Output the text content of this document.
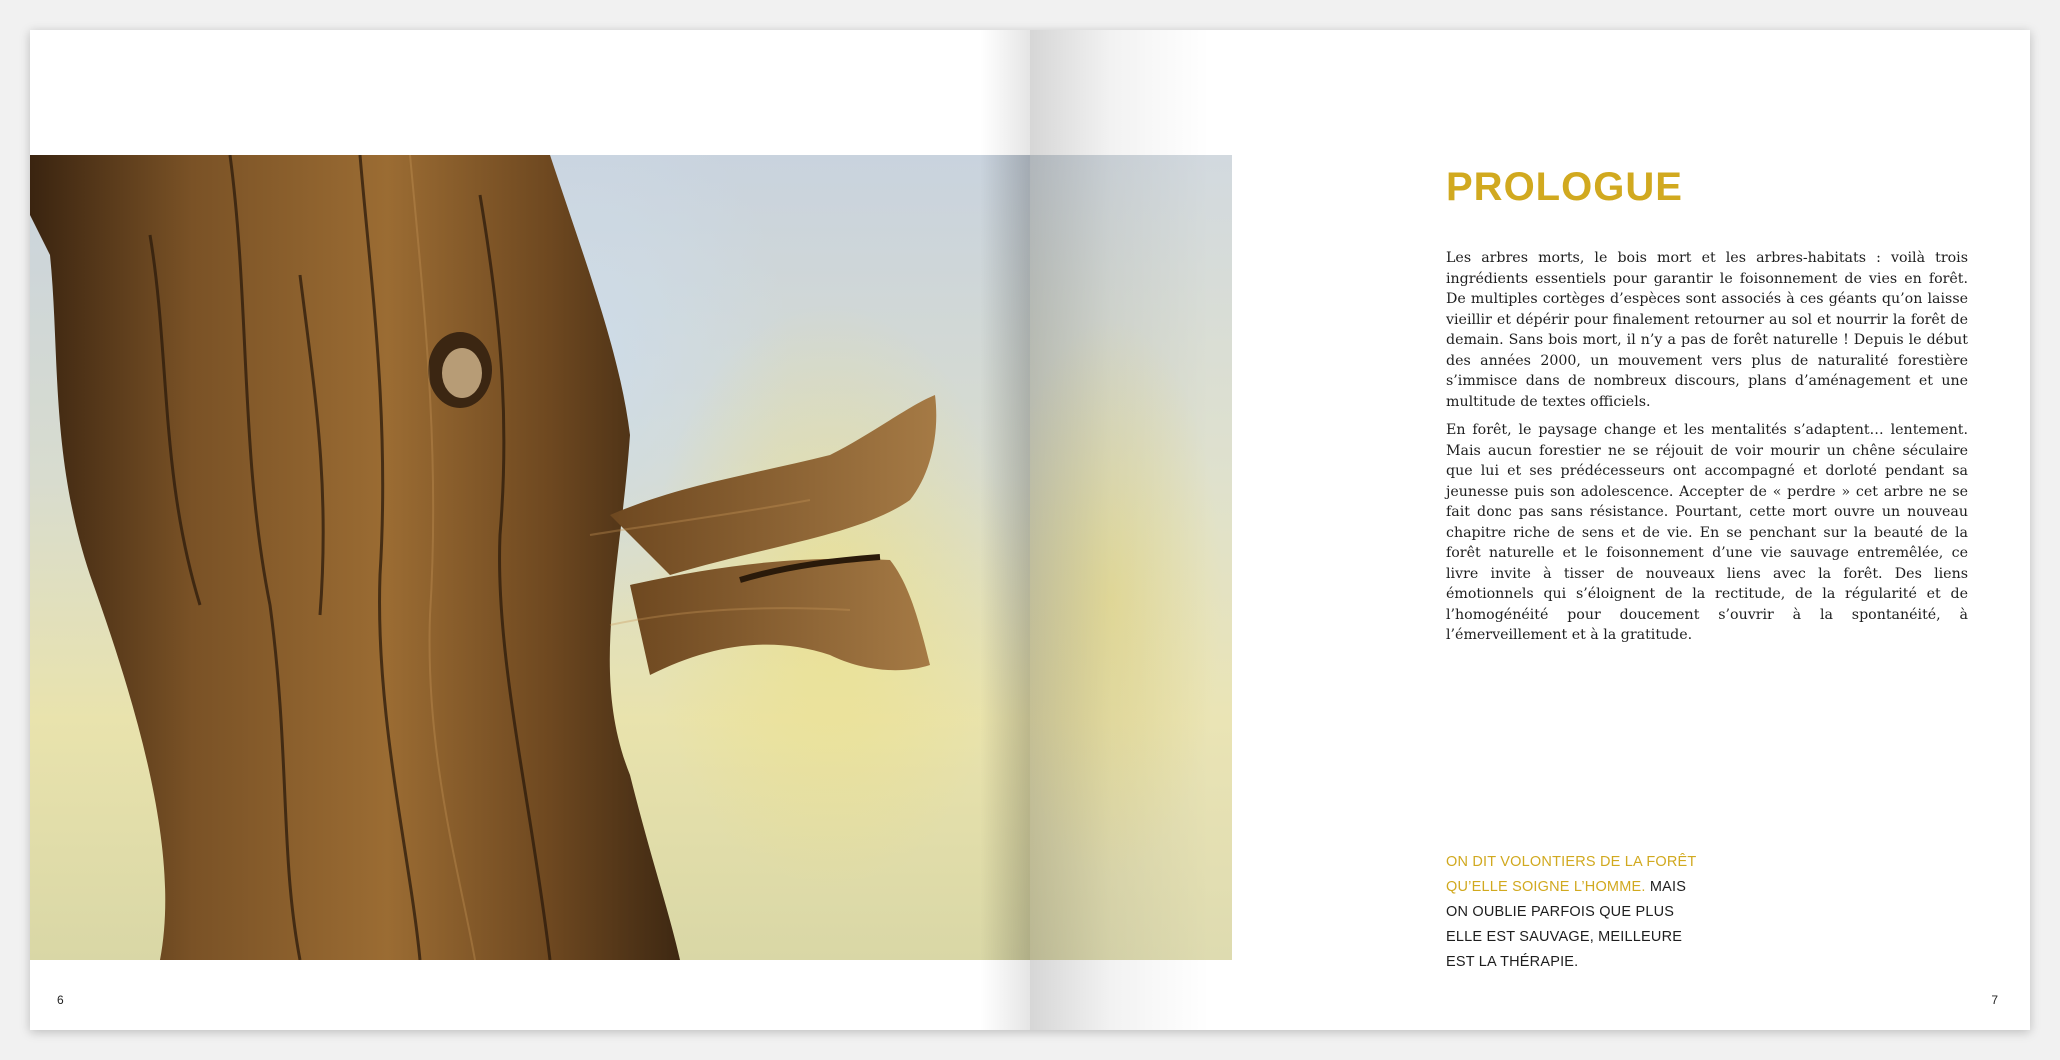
6
PROLOGUE

Les arbres morts, le bois mort et les arbres-habitats : voilà trois ingrédients essentiels pour garantir le foisonnement de vies en forêt. De multiples cortèges d’espèces sont associés à ces géants qu’on laisse vieillir et dépérir pour finalement retourner au sol et nourrir la forêt de demain. Sans bois mort, il n’y a pas de forêt naturelle ! Depuis le début des années 2000, un mouvement vers plus de naturalité forestière s’immisce dans de nombreux discours, plans d’aménagement et une multitude de textes officiels.

En forêt, le paysage change et les mentalités s’adaptent… lentement. Mais aucun forestier ne se réjouit de voir mourir un chêne séculaire que lui et ses prédécesseurs ont accompagné et dorloté pendant sa jeunesse puis son adolescence. Accepter de « perdre » cet arbre ne se fait donc pas sans résistance. Pourtant, cette mort ouvre un nouveau chapitre riche de sens et de vie. En se penchant sur la beauté de la forêt naturelle et le foisonnement d’une vie sauvage entremêlée, ce livre invite à tisser de nouveaux liens avec la forêt. Des liens émotionnels qui s’éloignent de la rectitude, de la régularité et de l’homogénéité pour doucement s’ouvrir à la spontanéité, à l’émerveillement et à la gratitude.

ON DIT VOLONTIERS DE LA FORÊT
QU’ELLE SOIGNE L’HOMME. MAIS
ON OUBLIE PARFOIS QUE PLUS
ELLE EST SAUVAGE, MEILLEURE
EST LA THÉRAPIE.
7
